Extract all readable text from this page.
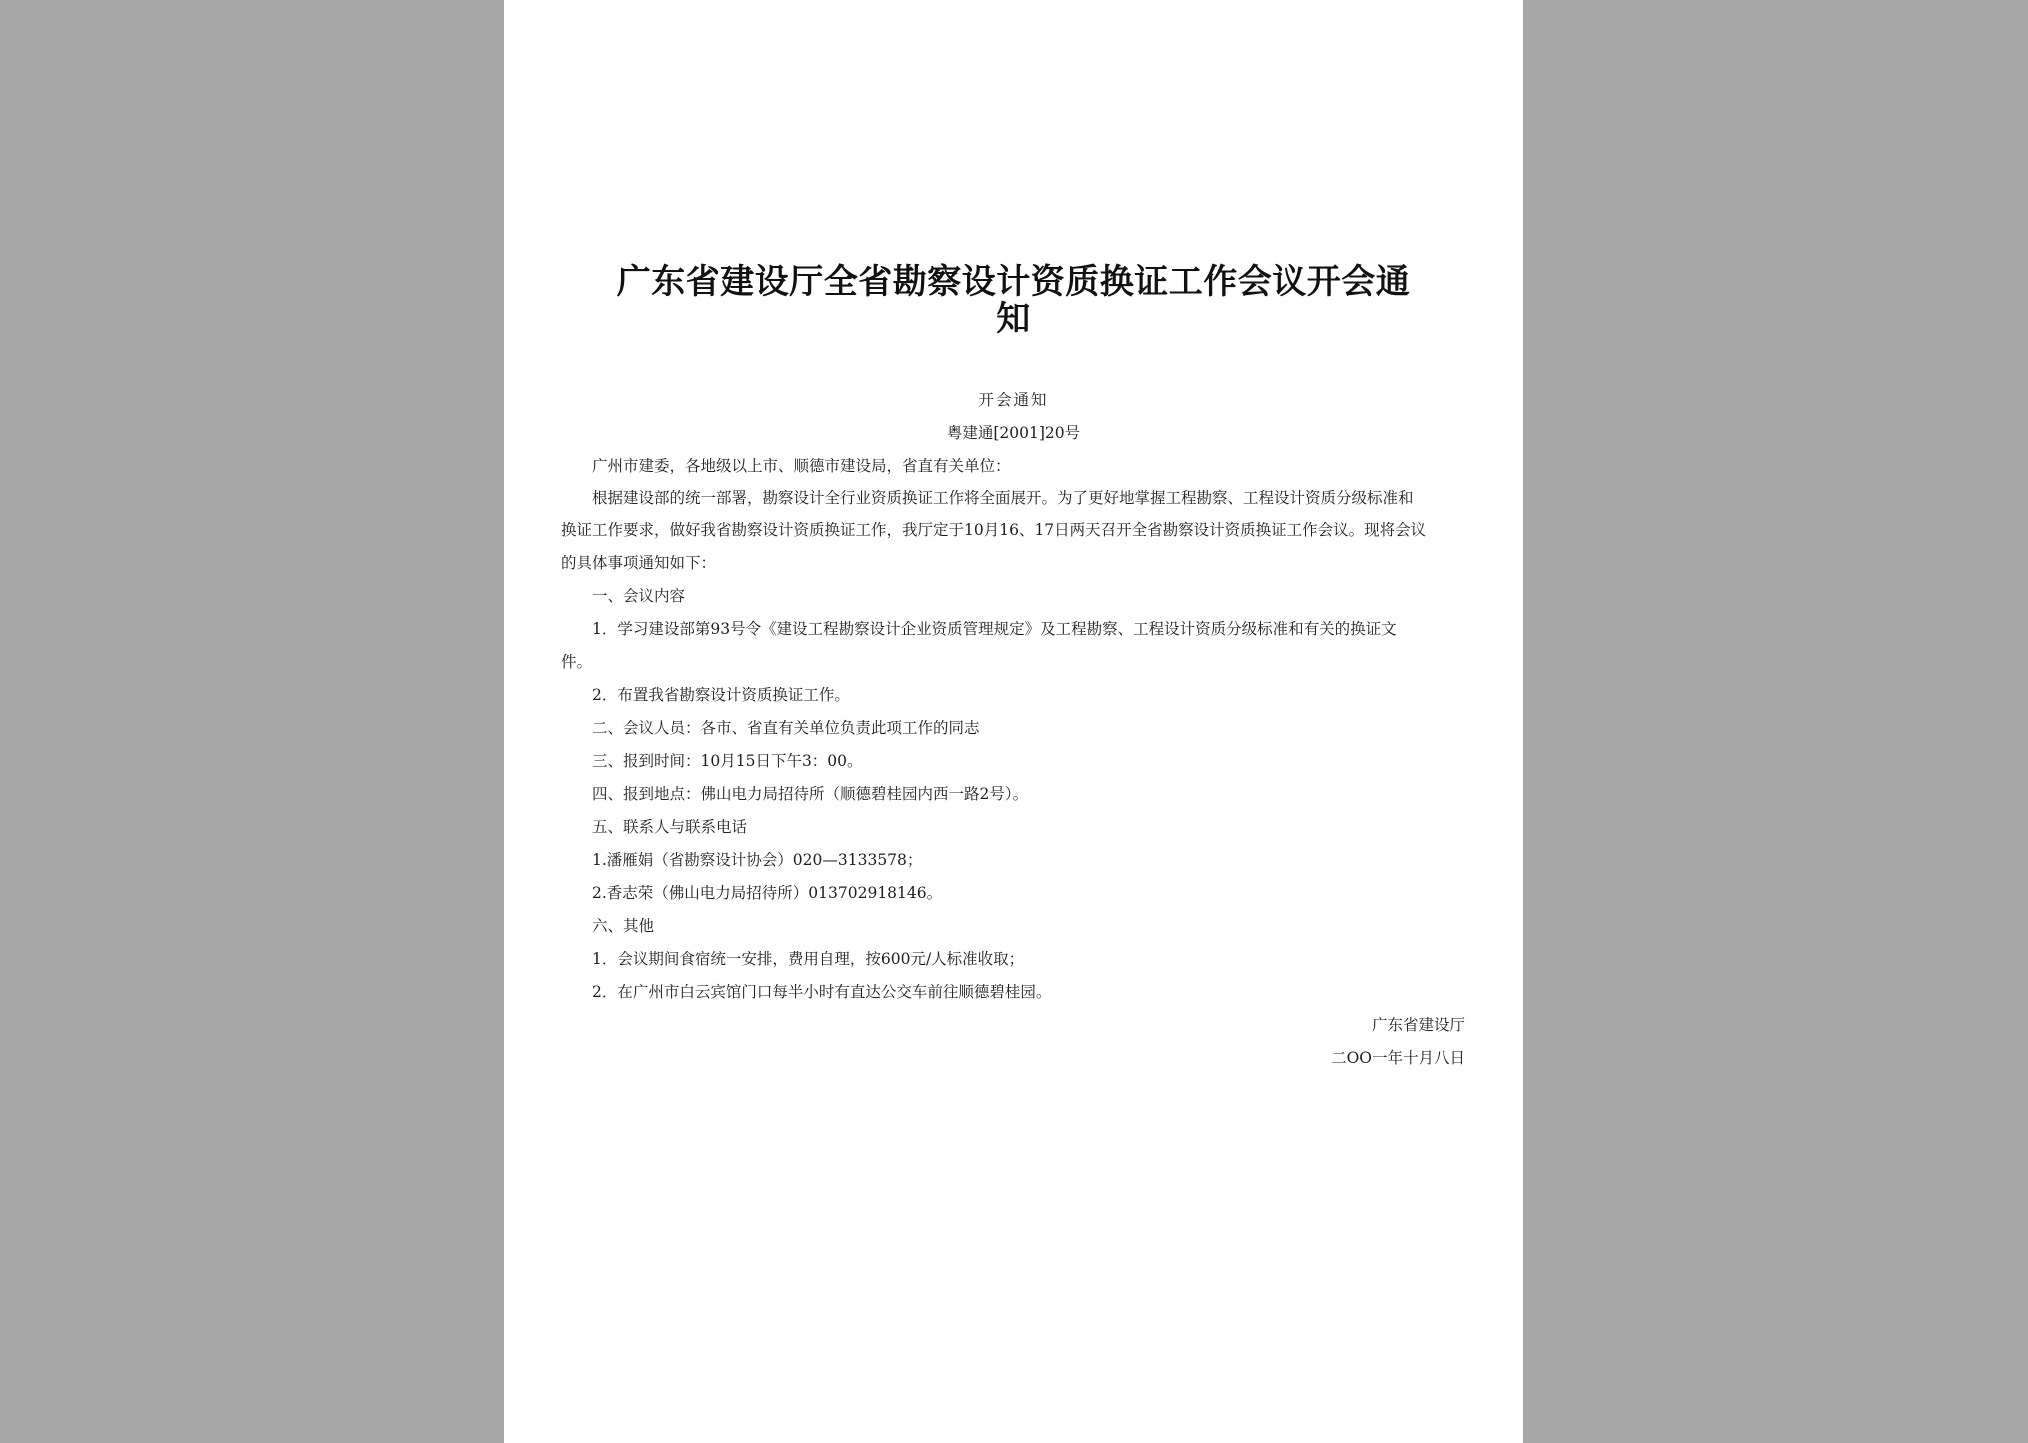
广东省建设厅全省勘察设计资质换证工作会议开会通
知
开会通知
粤建通[2001]20号
广州市建委，各地级以上市、顺德市建设局，省直有关单位：
根据建设部的统一部署，勘察设计全行业资质换证工作将全面展开。为了更好地掌握工程勘察、工程设计资质分级标准和
换证工作要求，做好我省勘察设计资质换证工作，我厅定于10月16、17日两天召开全省勘察设计资质换证工作会议。现将会议
的具体事项通知如下：
一、会议内容
1．学习建设部第93号令《建设工程勘察设计企业资质管理规定》及工程勘察、工程设计资质分级标准和有关的换证文
件。
2．布置我省勘察设计资质换证工作。
二、会议人员：各市、省直有关单位负责此项工作的同志
三、报到时间：10月15日下午3：00。
四、报到地点：佛山电力局招待所（顺德碧桂园内西一路2号）。
五、联系人与联系电话
1.潘雁娟（省勘察设计协会）020—3133578；
2.香志荣（佛山电力局招待所）013702918146。
六、其他
1．会议期间食宿统一安排，费用自理，按600元/人标准收取；
2．在广州市白云宾馆门口每半小时有直达公交车前往顺德碧桂园。
广东省建设厅
二OO一年十月八日
